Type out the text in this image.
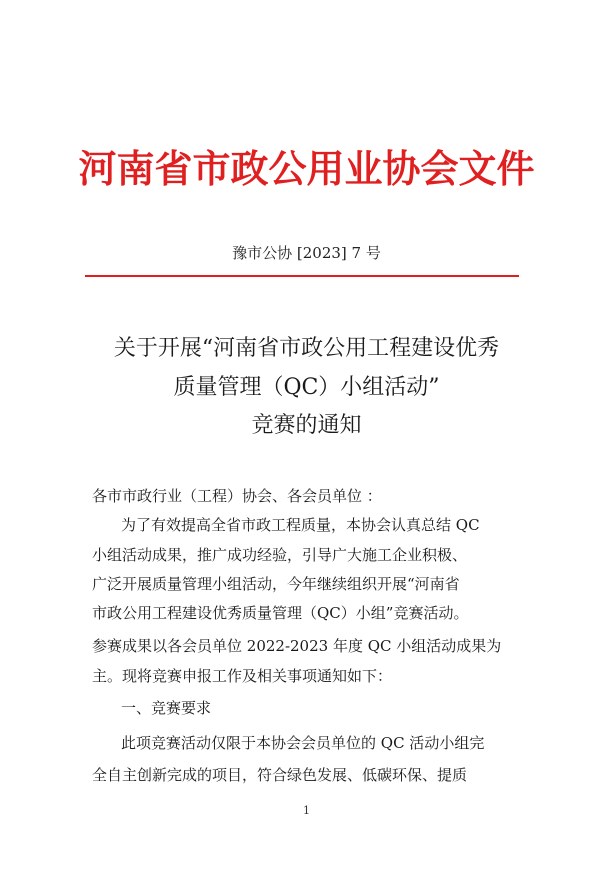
河南省市政公用业协会文件
豫市公协 [2023] 7 号
关于开展“河南省市政公用工程建设优秀
质量管理（QC）小组活动”
竞赛的通知
各市市政行业（工程）协会、各会员单位 ：
为了有效提高全省市政工程质量，本协会认真总结 QC
小组活动成果，推广成功经验，引导广大施工企业积极、
广泛开展质量管理小组活动，今年继续组织开展“河南省
市政公用工程建设优秀质量管理（QC）小组”竞赛活动。
参赛成果以各会员单位 2022-2023 年度 QC 小组活动成果为
主。现将竞赛申报工作及相关事项通知如下：
一、竞赛要求
此项竞赛活动仅限于本协会会员单位的 QC 活动小组完
全自主创新完成的项目，符合绿色发展、低碳环保、提质
1
